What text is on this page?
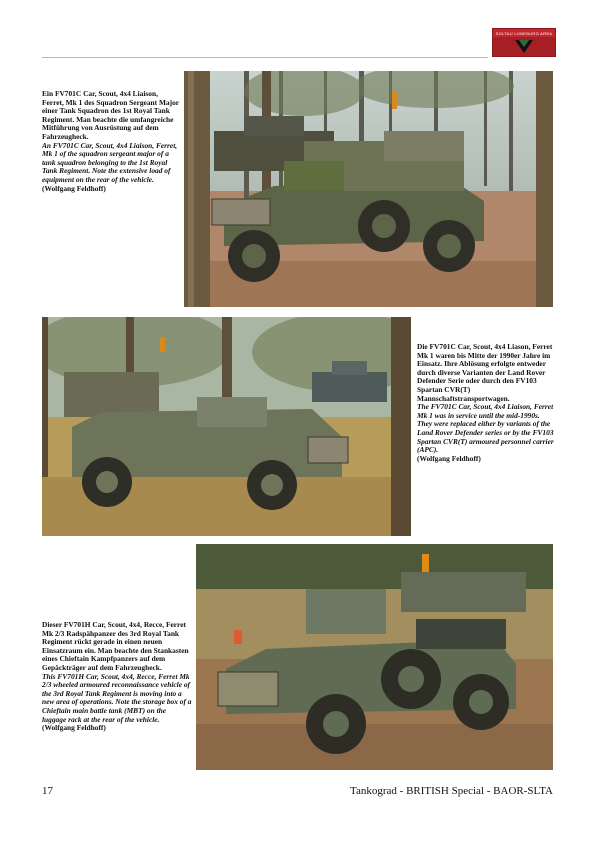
SOLTAU LÜNEBURG AREA

Ein FV701C Car, Scout, 4x4 Liaison, Ferret, Mk 1 des Squadron Sergeant Major einer Tank Squadron des 1st Royal Tank Regiment. Man beachte die umfangreiche Mitführung von Ausrüstung auf dem Fahrzeugheck.

An FV701C Car, Scout, 4x4 Liaison, Ferret, Mk 1 of the squadron sergeant major of a tank squadron belonging to the 1st Royal Tank Regiment. Note the extensive load of equipment on the rear of the vehicle.

(Wolfgang Feldhoff)

Die FV701C Car, Scout, 4x4 Liason, Ferret Mk 1 waren bis Mitte der 1990er Jahre im Einsatz. Ihre Ablösung erfolgte entweder durch diverse Varianten der Land Rover Defender Serie oder durch den FV103 Spartan CVR(T) Mannschaftstransportwagen.

The FV701C Car, Scout, 4x4 Liaison, Ferret Mk 1 was in service until the mid-1990s. They were replaced either by variants of the Land Rover Defender series or by the FV103 Spartan CVR(T) armoured personnel carrier (APC).

(Wolfgang Feldhoff)

Dieser FV701H Car, Scout, 4x4, Recce, Ferret Mk 2/3 Radspähpanzer des 3rd Royal Tank Regiment rückt gerade in einen neuen Einsatzraum ein. Man beachte den Stankasten eines Chieftain Kampfpanzers auf dem Gepäckträger auf dem Fahrzeugheck.

This FV701H Car, Scout, 4x4, Recce, Ferret Mk 2/3 wheeled armoured reconnaissance vehicle of the 3rd Royal Tank Regiment is moving into a new area of operations. Note the storage box of a Chieftain main battle tank (MBT) on the luggage rack at the rear of the vehicle.

(Wolfgang Feldhoff)

17	Tankograd - BRITISH Special - BAOR-SLTA
